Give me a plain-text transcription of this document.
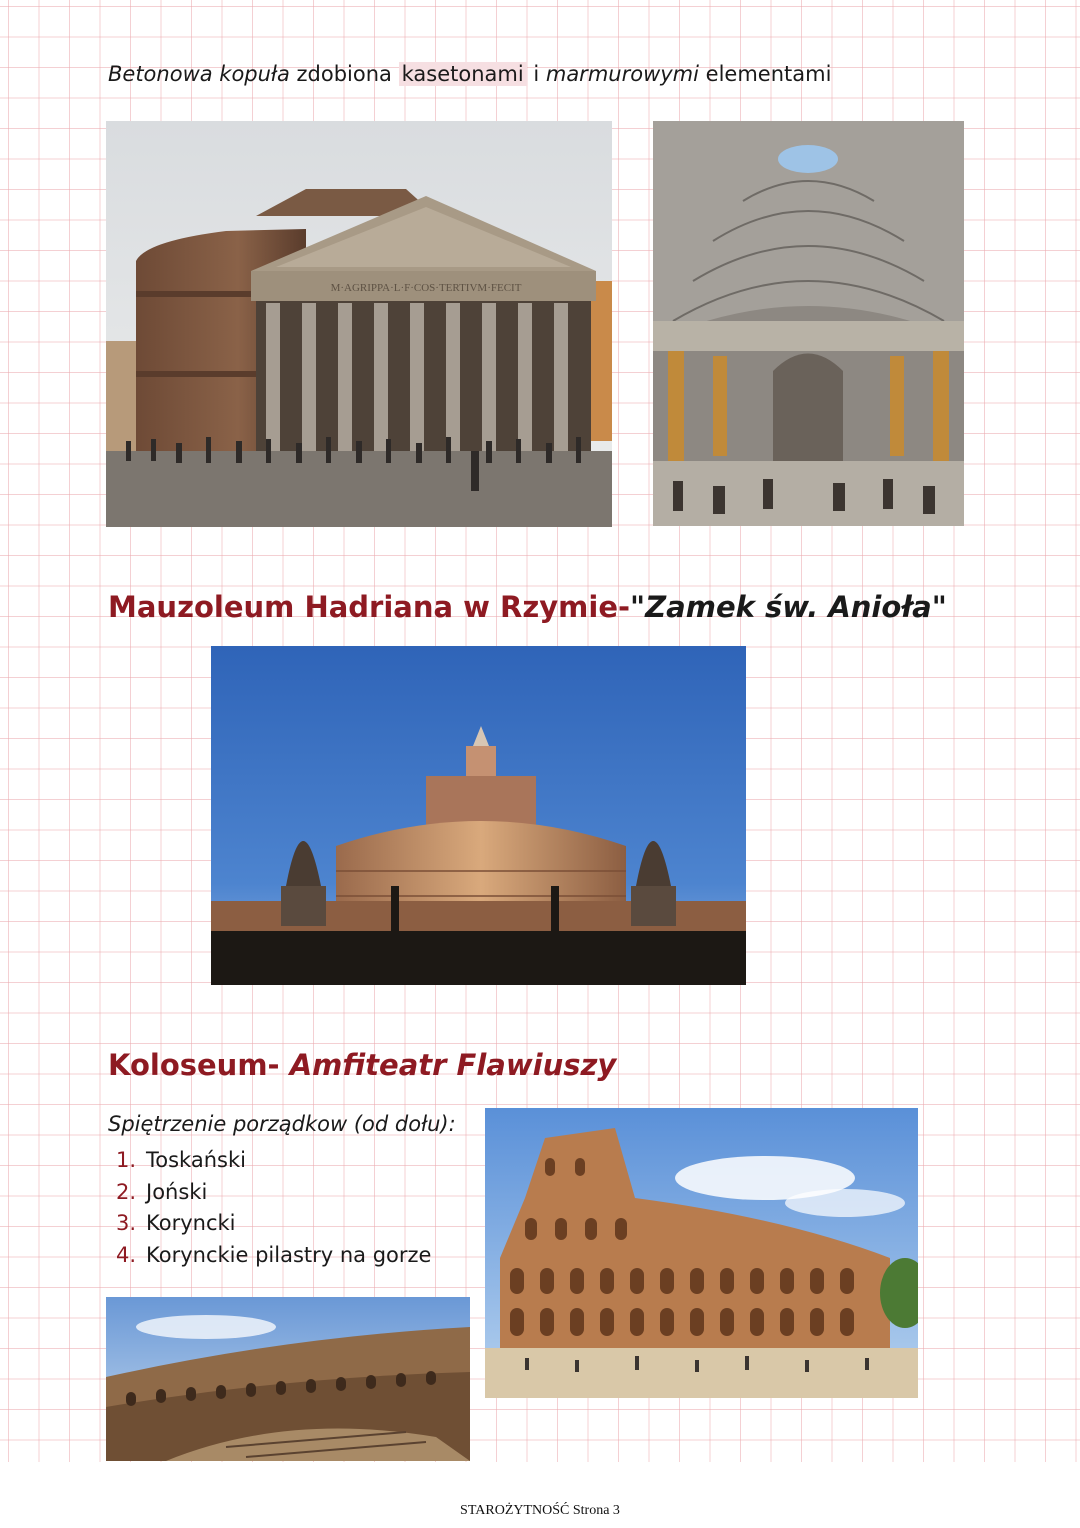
Betonowa kopuła zdobiona kasetonami i marmurowymi elementami
M·AGRIPPA·L·F·COS·TERTIVM·FECIT
Mauzoleum Hadriana w Rzymie-"Zamek św. Anioła"
Koloseum- Amfiteatr Flawiuszy
Spiętrzenie porządkow (od dołu):
1. Toskański
2. Joński
3. Koryncki
4. Korynckie pilastry na gorze
STAROŻYTNOŚĆ Strona 3
